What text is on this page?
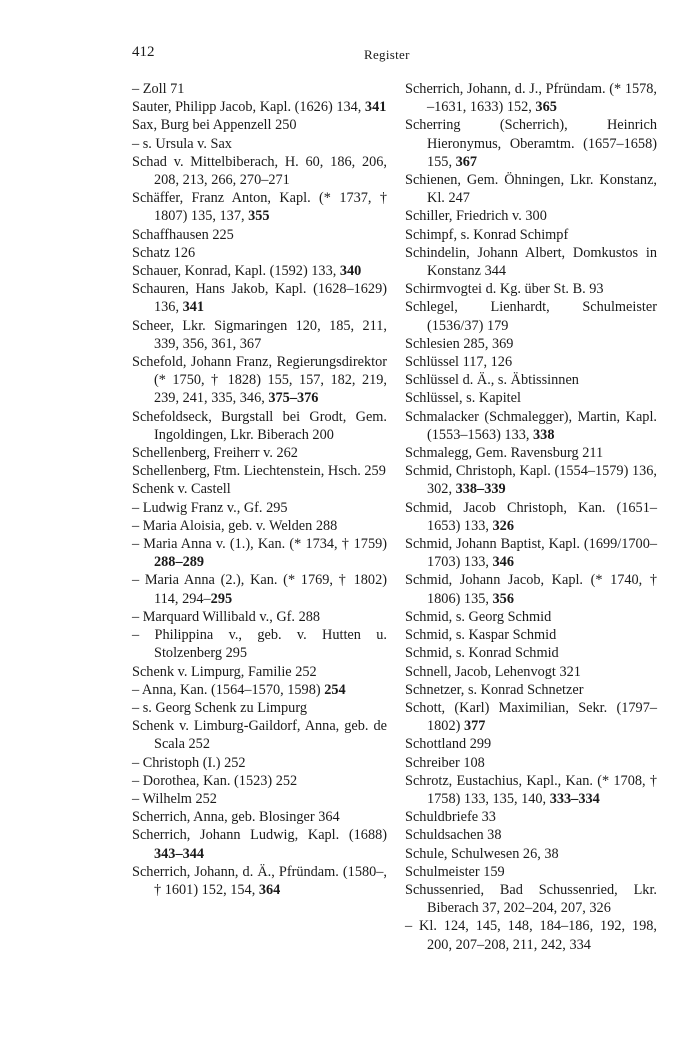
412	Register

– Zoll 71

Sauter, Philipp Jacob, Kapl. (1626) 134, 341

Sax, Burg bei Appenzell 250

– s. Ursula v. Sax

Schad v. Mittelbiberach, H. 60, 186, 206, 208, 213, 266, 270–271

Schäffer, Franz Anton, Kapl. (* 1737, † 1807) 135, 137, 355

Schaffhausen 225

Schatz 126

Schauer, Konrad, Kapl. (1592) 133, 340

Schauren, Hans Jakob, Kapl. (1628–1629) 136, 341

Scheer, Lkr. Sigmaringen 120, 185, 211, 339, 356, 361, 367

Schefold, Johann Franz, Regierungsdirektor (* 1750, † 1828) 155, 157, 182, 219, 239, 241, 335, 346, 375–376

Schefoldseck, Burgstall bei Grodt, Gem. Ingoldingen, Lkr. Biberach 200

Schellenberg, Freiherr v. 262

Schellenberg, Ftm. Liechtenstein, Hsch. 259

Schenk v. Castell

– Ludwig Franz v., Gf. 295

– Maria Aloisia, geb. v. Welden 288

– Maria Anna v. (1.), Kan. (* 1734, † 1759) 288–289

– Maria Anna (2.), Kan. (* 1769, † 1802) 114, 294–295

– Marquard Willibald v., Gf. 288

– Philippina v., geb. v. Hutten u. Stolzenberg 295

Schenk v. Limpurg, Familie 252

– Anna, Kan. (1564–1570, 1598) 254

– s. Georg Schenk zu Limpurg

Schenk v. Limburg-Gaildorf, Anna, geb. de Scala 252

– Christoph (I.) 252

– Dorothea, Kan. (1523) 252

– Wilhelm 252

Scherrich, Anna, geb. Blosinger 364

Scherrich, Johann Ludwig, Kapl. (1688) 343–344

Scherrich, Johann, d. Ä., Pfründam. (1580–, † 1601) 152, 154, 364

Scherrich, Johann, d. J., Pfründam. (* 1578, –1631, 1633) 152, 365

Scherring (Scherrich), Heinrich Hieronymus, Oberamtm. (1657–1658) 155, 367

Schienen, Gem. Öhningen, Lkr. Konstanz, Kl. 247

Schiller, Friedrich v. 300

Schimpf, s. Konrad Schimpf

Schindelin, Johann Albert, Domkustos in Konstanz 344

Schirmvogtei d. Kg. über St. B. 93

Schlegel, Lienhardt, Schulmeister (1536/37) 179

Schlesien 285, 369

Schlüssel 117, 126

Schlüssel d. Ä., s. Äbtissinnen

Schlüssel, s. Kapitel

Schmalacker (Schmalegger), Martin, Kapl. (1553–1563) 133, 338

Schmalegg, Gem. Ravensburg 211

Schmid, Christoph, Kapl. (1554–1579) 136, 302, 338–339

Schmid, Jacob Christoph, Kan. (1651–1653) 133, 326

Schmid, Johann Baptist, Kapl. (1699/1700–1703) 133, 346

Schmid, Johann Jacob, Kapl. (* 1740, † 1806) 135, 356

Schmid, s. Georg Schmid

Schmid, s. Kaspar Schmid

Schmid, s. Konrad Schmid

Schnell, Jacob, Lehenvogt 321

Schnetzer, s. Konrad Schnetzer

Schott, (Karl) Maximilian, Sekr. (1797–1802) 377

Schottland 299

Schreiber 108

Schrotz, Eustachius, Kapl., Kan. (* 1708, † 1758) 133, 135, 140, 333–334

Schuldbriefe 33

Schuldsachen 38

Schule, Schulwesen 26, 38

Schulmeister 159

Schussenried, Bad Schussenried, Lkr. Biberach 37, 202–204, 207, 326

– Kl. 124, 145, 148, 184–186, 192, 198, 200, 207–208, 211, 242, 334
